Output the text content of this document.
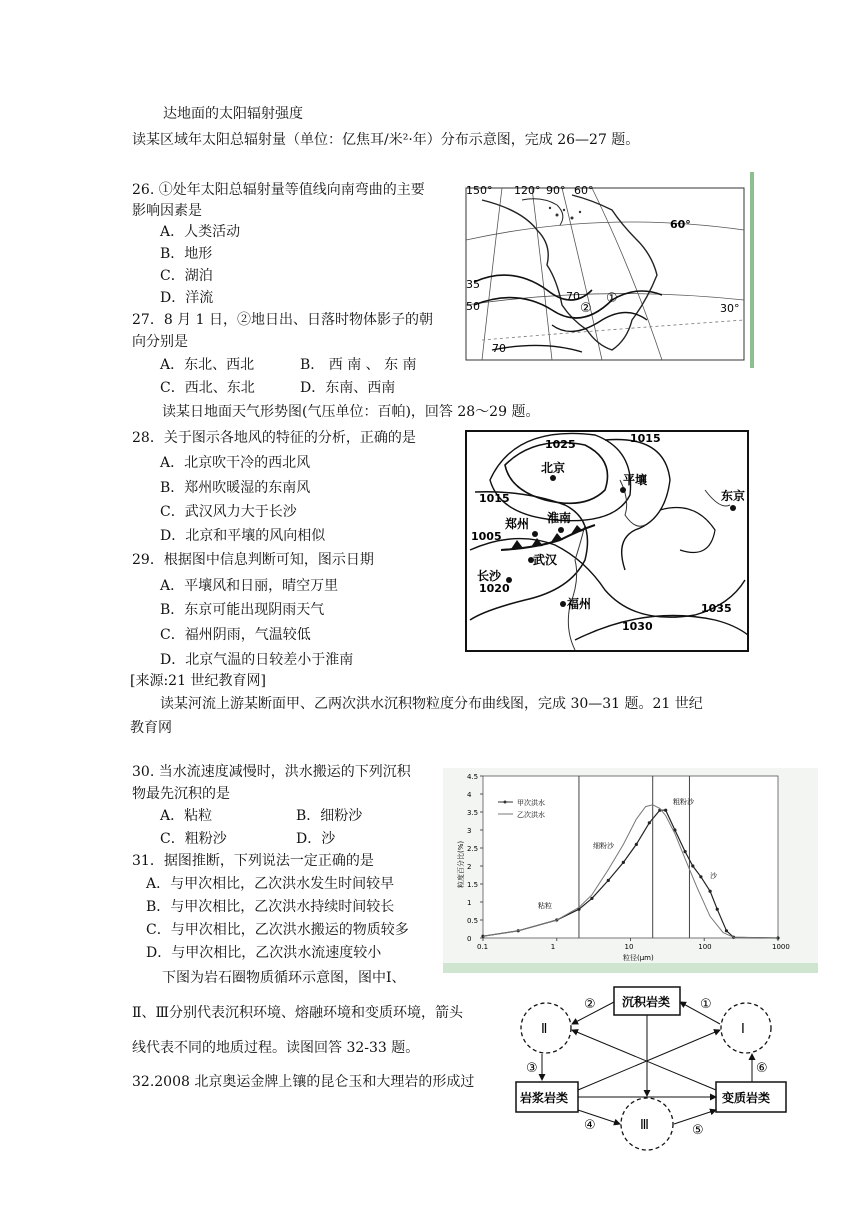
达地面的太阳辐射强度
读某区域年太阳总辐射量（单位：亿焦耳/米²·年）分布示意图，完成 26—27 题。
26. ①处年太阳总辐射量等值线向南弯曲的主要
影响因素是
A．人类活动
B．地形
C．湖泊
D．洋流
27．8 月 1 日，②地日出、日落时物体影子的朝
向分别是
A．东北、西北	B． 西 南 、 东 南
C．西北、东北	D．东南、西南
读某日地面天气形势图(气压单位：百帕)，回答 28～29 题。
28．关于图示各地风的特征的分析，正确的是
A．北京吹干冷的西北风
B．郑州吹暖湿的东南风
C．武汉风力大于长沙
D．北京和平壤的风向相似
29．根据图中信息判断可知，图示日期
A．平壤风和日丽，晴空万里
B．东京可能出现阴雨天气
C．福州阴雨，气温较低
D．北京气温的日较差小于淮南
[来源:21 世纪教育网]
读某河流上游某断面甲、乙两次洪水沉积物粒度分布曲线图，完成 30—31 题。21 世纪
教育网
30. 当水流速度减慢时，洪水搬运的下列沉积
物最先沉积的是
A．粘粒	B．细粉沙
C．粗粉沙	D．沙
31．据图推断，下列说法一定正确的是
A．与甲次相比，乙次洪水发生时间较早
B．与甲次相比，乙次洪水持续时间较长
C．与甲次相比，乙次洪水搬运的物质较多
D．与甲次相比，乙次洪水流速度较小
下图为岩石圈物质循环示意图，图中Ⅰ、
Ⅱ、Ⅲ分别代表沉积环境、熔融环境和变质环境，箭头
线代表不同的地质过程。读图回答 32-33 题。
32.2008 北京奥运金牌上镶的昆仑玉和大理岩的形成过
150° 120° 90° 60°
60°
30°
35
50
70
70
①
②
1025	1015
1015
1005
1020
1035
1030
北京
平壤
东京
郑州 淮南
武汉
长沙
福州
0.1	1	10	100	1000
0
0.5
1
1.5
2
2.5
3
3.5
4
4.5
甲次洪水
乙次洪水
粘粒
细粉沙
粗粉沙
沙
粒径(μm)
粒度百分比(%)
沉积岩类
岩浆岩类	变质岩类
Ⅰ
Ⅱ
Ⅲ
①
②
③
④	⑤
⑥
